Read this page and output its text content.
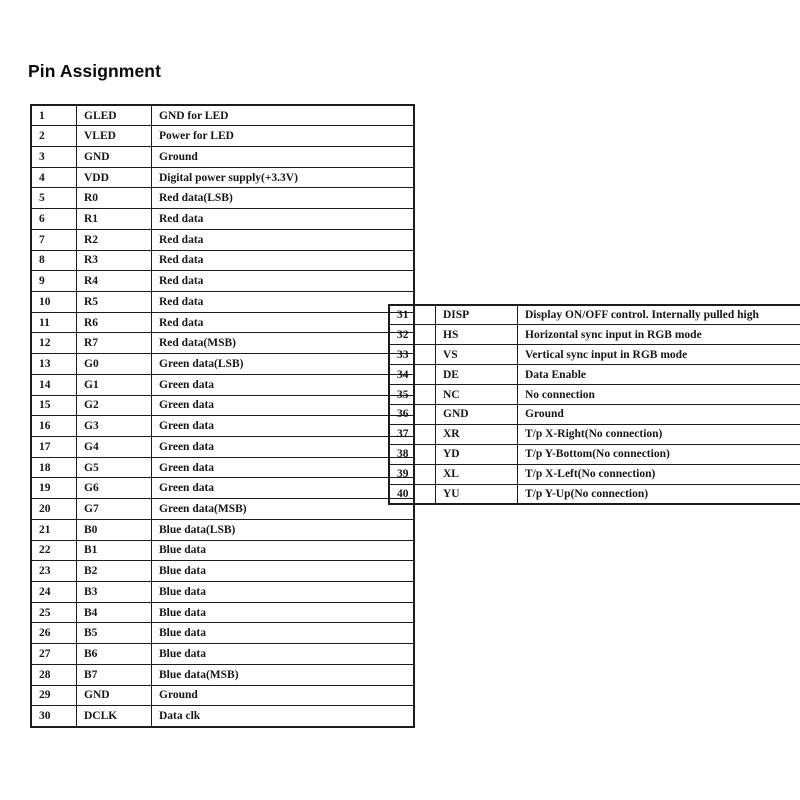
Pin Assignment
1	GLED	GND for LED
2	VLED	Power for LED
3	GND	Ground
4	VDD	Digital power supply(+3.3V)
5	R0	Red data(LSB)
6	R1	Red data
7	R2	Red data
8	R3	Red data
9	R4	Red data
10	R5	Red data
11	R6	Red data
12	R7	Red data(MSB)
13	G0	Green data(LSB)
14	G1	Green data
15	G2	Green data
16	G3	Green data
17	G4	Green data
18	G5	Green data
19	G6	Green data
20	G7	Green data(MSB)
21	B0	Blue data(LSB)
22	B1	Blue data
23	B2	Blue data
24	B3	Blue data
25	B4	Blue data
26	B5	Blue data
27	B6	Blue data
28	B7	Blue data(MSB)
29	GND	Ground
30	DCLK	Data clk
31	DISP	Display ON/OFF control. Internally pulled high
32	HS	Horizontal sync input in RGB mode
33	VS	Vertical sync input in RGB mode
34	DE	Data Enable
35	NC	No connection
36	GND	Ground
37	XR	T/p X-Right(No connection)
38	YD	T/p Y-Bottom(No connection)
39	XL	T/p X-Left(No connection)
40	YU	T/p Y-Up(No connection)
